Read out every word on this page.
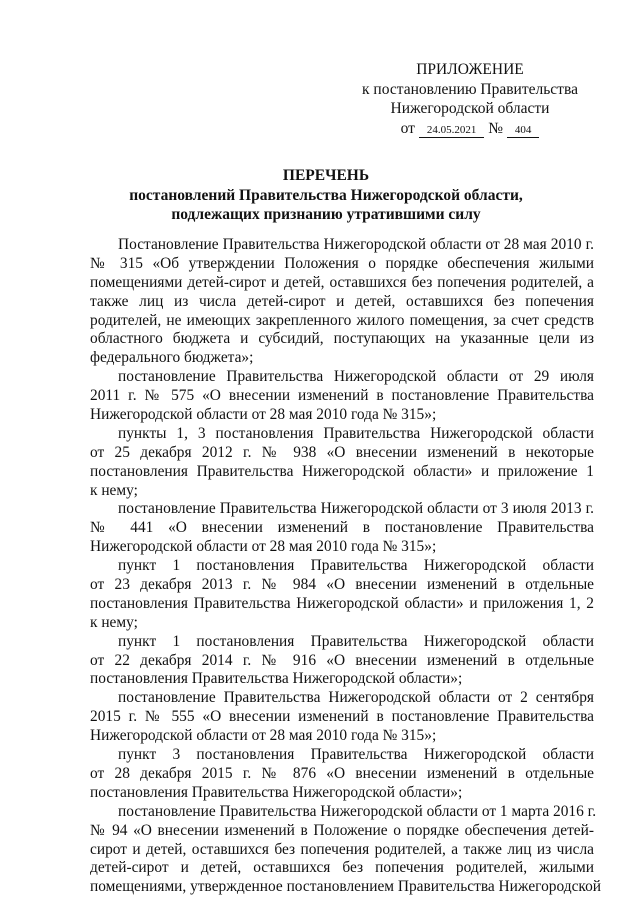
ПРИЛОЖЕНИЕ
к постановлению Правительства
Нижегородской области
от 24.05.2021 № 404
ПЕРЕЧЕНЬ
постановлений Правительства Нижегородской области,
подлежащих признанию утратившими силу
Постановление Правительства Нижегородской области от 28 мая 2010 г.
№ 315 «Об утверждении Положения о порядке обеспечения жилыми
помещениями детей-сирот и детей, оставшихся без попечения родителей, а
также лиц из числа детей-сирот и детей, оставшихся без попечения
родителей, не имеющих закрепленного жилого помещения, за счет средств
областного бюджета и субсидий, поступающих на указанные цели из
федерального бюджета»;
постановление Правительства Нижегородской области от 29 июля
2011 г. № 575 «О внесении изменений в постановление Правительства
Нижегородской области от 28 мая 2010 года № 315»;
пункты 1, 3 постановления Правительства Нижегородской области
от 25 декабря 2012 г. № 938 «О внесении изменений в некоторые
постановления Правительства Нижегородской области» и приложение 1
к нему;
постановление Правительства Нижегородской области от 3 июля 2013 г.
№ 441 «О внесении изменений в постановление Правительства
Нижегородской области от 28 мая 2010 года № 315»;
пункт 1 постановления Правительства Нижегородской области
от 23 декабря 2013 г. № 984 «О внесении изменений в отдельные
постановления Правительства Нижегородской области» и приложения 1, 2
к нему;
пункт 1 постановления Правительства Нижегородской области
от 22 декабря 2014 г. № 916 «О внесении изменений в отдельные
постановления Правительства Нижегородской области»;
постановление Правительства Нижегородской области от 2 сентября
2015 г. № 555 «О внесении изменений в постановление Правительства
Нижегородской области от 28 мая 2010 года № 315»;
пункт 3 постановления Правительства Нижегородской области
от 28 декабря 2015 г. № 876 «О внесении изменений в отдельные
постановления Правительства Нижегородской области»;
постановление Правительства Нижегородской области от 1 марта 2016 г.
№ 94 «О внесении изменений в Положение о порядке обеспечения детей-
сирот и детей, оставшихся без попечения родителей, а также лиц из числа
детей-сирот и детей, оставшихся без попечения родителей, жилыми
помещениями, утвержденное постановлением Правительства Нижегородской
